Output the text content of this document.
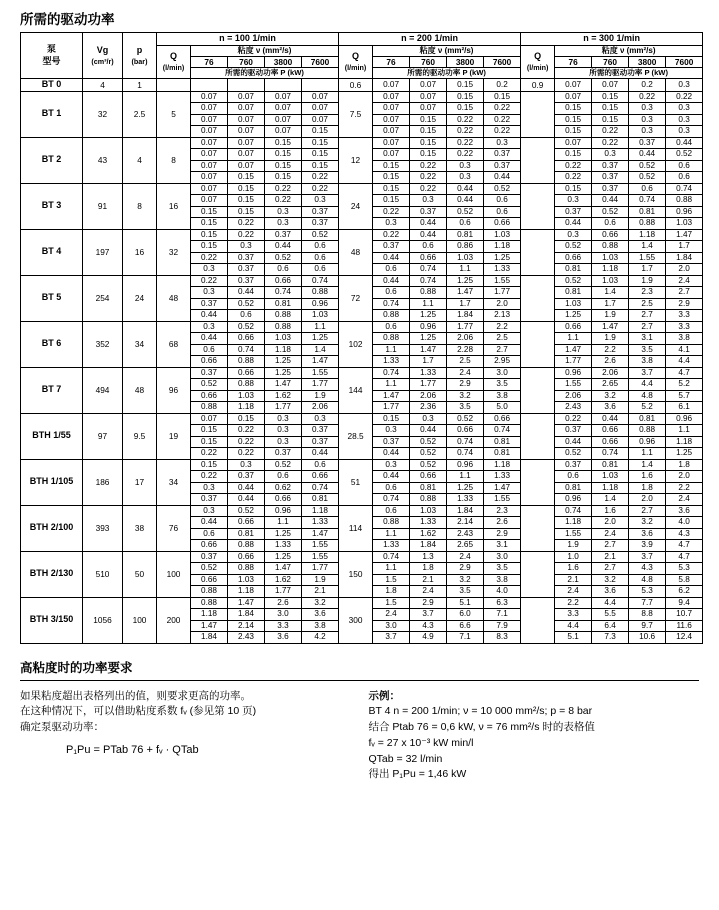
所需的驱动功率
泵
型号	Vg
(cm³/r)	p
(bar)	n = 100 1/min					n = 200 1/min					n = 300 1/min				

			Q
(l/min)	粘度 ν (mm²/s)				Q
(l/min)	粘度 ν (mm²/s)				Q
(l/min)	粘度 ν (mm²/s)			
				76	760	3800	7600		76	760	3800	7600		76	760	3800	7600
				所需的驱动功率 P (kW)					所需的驱动功率 P (kW)					所需的驱动功率 P (kW)			
BT 0	4	1						0.6	0.07	0.07	0.15	0.2	0.9	0.07	0.07	0.2	0.3
BT 1	32	2.5	5	0.07	0.07	0.07	0.07	7.5	0.07	0.07	0.15	0.15		0.07	0.15	0.22	0.22
				0.07	0.07	0.07	0.07		0.07	0.07	0.15	0.22		0.15	0.15	0.3	0.3
				0.07	0.07	0.07	0.07		0.07	0.15	0.22	0.22		0.15	0.15	0.3	0.3
				0.07	0.07	0.07	0.15		0.07	0.15	0.22	0.22		0.15	0.22	0.3	0.3
BT 2	43	4	8	0.07	0.07	0.15	0.15	12	0.07	0.15	0.22	0.3		0.07	0.22	0.37	0.44
				0.07	0.07	0.15	0.15		0.07	0.15	0.22	0.37		0.15	0.3	0.44	0.52
				0.07	0.07	0.15	0.15		0.15	0.22	0.3	0.37		0.22	0.37	0.52	0.6
				0.07	0.15	0.15	0.22		0.15	0.22	0.3	0.44		0.22	0.37	0.52	0.6
BT 3	91	8	16	0.07	0.15	0.22	0.22	24	0.15	0.22	0.44	0.52		0.15	0.37	0.6	0.74
				0.07	0.15	0.22	0.3		0.15	0.3	0.44	0.6		0.3	0.44	0.74	0.88
				0.15	0.15	0.3	0.37		0.22	0.37	0.52	0.6		0.37	0.52	0.81	0.96
				0.15	0.22	0.3	0.37		0.3	0.44	0.6	0.66		0.44	0.6	0.88	1.03
BT 4	197	16	32	0.15	0.22	0.37	0.52	48	0.22	0.44	0.81	1.03		0.3	0.66	1.18	1.47
				0.15	0.3	0.44	0.6		0.37	0.6	0.86	1.18		0.52	0.88	1.4	1.7
				0.22	0.37	0.52	0.6		0.44	0.66	1.03	1.25		0.66	1.03	1.55	1.84
				0.3	0.37	0.6	0.6		0.6	0.74	1.1	1.33		0.81	1.18	1.7	2.0
BT 5	254	24	48	0.22	0.37	0.66	0.74	72	0.44	0.74	1.25	1.55		0.52	1.03	1.9	2.4
				0.3	0.44	0.74	0.88		0.6	0.88	1.47	1.77		0.81	1.4	2.3	2.7
				0.37	0.52	0.81	0.96		0.74	1.1	1.7	2.0		1.03	1.7	2.5	2.9
				0.44	0.6	0.88	1.03		0.88	1.25	1.84	2.13		1.25	1.9	2.7	3.3
BT 6	352	34	68	0.3	0.52	0.88	1.1	102	0.6	0.96	1.77	2.2		0.66	1.47	2.7	3.3
				0.44	0.66	1.03	1.25		0.88	1.25	2.06	2.5		1.1	1.9	3.1	3.8
				0.6	0.74	1.18	1.4		1.1	1.47	2.28	2.7		1.47	2.2	3.5	4.1
				0.66	0.88	1.25	1.47		1.33	1.7	2.5	2.95		1.77	2.6	3.8	4.4
BT 7	494	48	96	0.37	0.66	1.25	1.55	144	0.74	1.33	2.4	3.0		0.96	2.06	3.7	4.7
				0.52	0.88	1.47	1.77		1.1	1.77	2.9	3.5		1.55	2.65	4.4	5.2
				0.66	1.03	1.62	1.9		1.47	2.06	3.2	3.8		2.06	3.2	4.8	5.7
				0.88	1.18	1.77	2.06		1.77	2.36	3.5	5.0		2.43	3.6	5.2	6.1
BTH 1/55	97	9.5	19	0.07	0.15	0.3	0.3	28.5	0.15	0.3	0.52	0.66		0.22	0.44	0.81	0.96
				0.15	0.22	0.3	0.37		0.3	0.44	0.66	0.74		0.37	0.66	0.88	1.1
				0.15	0.22	0.3	0.37		0.37	0.52	0.74	0.81		0.44	0.66	0.96	1.18
				0.22	0.22	0.37	0.44		0.44	0.52	0.74	0.81		0.52	0.74	1.1	1.25
BTH 1/105	186	17	34	0.15	0.3	0.52	0.6	51	0.3	0.52	0.96	1.18		0.37	0.81	1.4	1.8
				0.22	0.37	0.6	0.66		0.44	0.66	1.1	1.33		0.6	1.03	1.6	2.0
				0.3	0.44	0.62	0.74		0.6	0.81	1.25	1.47		0.81	1.18	1.8	2.2
				0.37	0.44	0.66	0.81		0.74	0.88	1.33	1.55		0.96	1.4	2.0	2.4
BTH 2/100	393	38	76	0.3	0.52	0.96	1.18	114	0.6	1.03	1.84	2.3		0.74	1.6	2.7	3.6
				0.44	0.66	1.1	1.33		0.88	1.33	2.14	2.6		1.18	2.0	3.2	4.0
				0.6	0.81	1.25	1.47		1.1	1.62	2.43	2.9		1.55	2.4	3.6	4.3
				0.66	0.88	1.33	1.55		1.33	1.84	2.65	3.1		1.9	2.7	3.9	4.7
BTH 2/130	510	50	100	0.37	0.66	1.25	1.55	150	0.74	1.3	2.4	3.0		1.0	2.1	3.7	4.7
				0.52	0.88	1.47	1.77		1.1	1.8	2.9	3.5		1.6	2.7	4.3	5.3
				0.66	1.03	1.62	1.9		1.5	2.1	3.2	3.8		2.1	3.2	4.8	5.8
				0.88	1.18	1.77	2.1		1.8	2.4	3.5	4.0		2.4	3.6	5.3	6.2
BTH 3/150	1056	100	200	0.88	1.47	2.6	3.2	300	1.5	2.9	5.1	6.3		2.2	4.4	7.7	9.4
				1.18	1.84	3.0	3.6		2.4	3.7	6.0	7.1		3.3	5.5	8.8	10.7
				1.47	2.14	3.3	3.8		3.0	4.3	6.6	7.9		4.4	6.4	9.7	11.6
				1.84	2.43	3.6	4.2		3.7	4.9	7.1	8.3		5.1	7.3	10.6	12.4
高粘度时的功率要求
如果粘度超出表格列出的值，则要求更高的功率。
在这种情况下，可以借助粘度系数 fᵥ (参见第 10 页)
确定泵驱动功率：
P₁Pu = PTab 76 + fᵥ · QTab
示例：
BT 4 n = 200 1/min; ν = 10 000 mm²/s; p = 8 bar
结合 Ptab 76 = 0,6 kW, ν = 76 mm²/s 时的表格值
fᵥ = 27 x 10⁻³ kW min/l
QTab = 32 l/min
得出 P₁Pu = 1,46 kW
